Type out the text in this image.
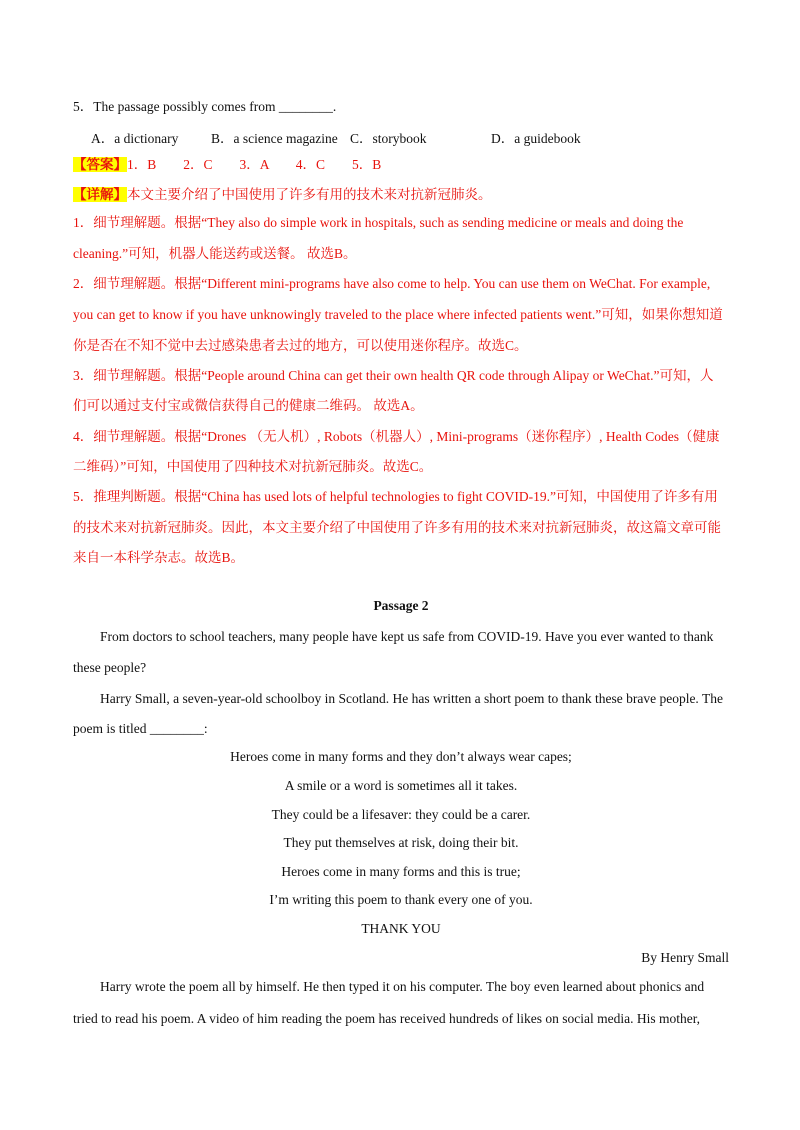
5．The passage possibly comes from ________.
A．a dictionary B．a science magazine C．storybook	D．a guidebook
【答案】1．B　　2．C　　3．A　　4．C　　5．B
【详解】本文主要介绍了中国使用了许多有用的技术来对抗新冠肺炎。
1．细节理解题。根据“They also do simple work in hospitals, such as sending medicine or meals and doing the
cleaning.”可知，机器人能送药或送餐。 故选B。
2．细节理解题。根据“Different mini-programs have also come to help. You can use them on WeChat. For example,
you can get to know if you have unknowingly traveled to the place where infected patients went.”可知，如果你想知道
你是否在不知不觉中去过感染患者去过的地方，可以使用迷你程序。故选C。
3．细节理解题。根据“People around China can get their own health QR code through Alipay or WeChat.”可知，人
们可以通过支付宝或微信获得自己的健康二维码。 故选A。
4．细节理解题。根据“Drones （无人机）, Robots（机器人）, Mini-programs（迷你程序）, Health Codes（健康
二维码）”可知，中国使用了四种技术对抗新冠肺炎。故选C。
5．推理判断题。根据“China has used lots of helpful technologies to fight COVID-19.”可知，中国使用了许多有用
的技术来对抗新冠肺炎。因此，本文主要介绍了中国使用了许多有用的技术来对抗新冠肺炎，故这篇文章可能
来自一本科学杂志。故选B。
Passage 2
From doctors to school teachers, many people have kept us safe from COVID-19. Have you ever wanted to thank
these people?
Harry Small, a seven-year-old schoolboy in Scotland. He has written a short poem to thank these brave people. The
poem is titled ________:
Heroes come in many forms and they don’t always wear capes;
A smile or a word is sometimes all it takes.
They could be a lifesaver: they could be a carer.
They put themselves at risk, doing their bit.
Heroes come in many forms and this is true;
I’m writing this poem to thank every one of you.
THANK YOU
By Henry Small
Harry wrote the poem all by himself. He then typed it on his computer. The boy even learned about phonics and
tried to read his poem. A video of him reading the poem has received hundreds of likes on social media. His mother,
